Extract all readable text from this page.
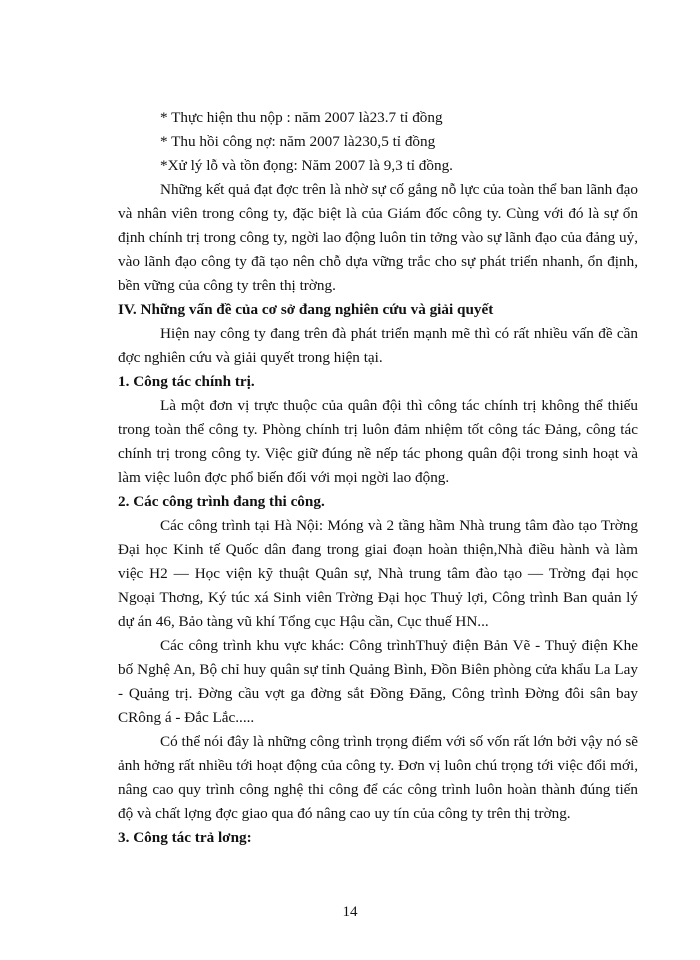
* Thực hiện thu nộp : năm 2007 là23.7 tỉ đồng

* Thu hồi công nợ: năm 2007 là230,5 tỉ đồng

*Xử lý lỗ và tồn đọng: Năm 2007 là 9,3 tỉ đồng.

Những kết quả đạt đợc trên là nhờ sự cố gắng nỗ lực của toàn thể ban lãnh đạo và nhân viên trong công ty, đặc biệt là của Giám đốc công ty. Cùng với đó là sự ổn định chính trị trong công ty, ngời lao động luôn tin tởng vào sự lãnh đạo của đảng uỷ, vào lãnh đạo công ty đã tạo nên chỗ dựa vững trắc cho sự phát triển nhanh, ổn định, bền vững của công ty trên thị trờng.

IV. Những vấn đề của cơ sở đang nghiên cứu và giải quyết

Hiện nay công ty đang trên đà phát triển mạnh mẽ thì có rất nhiều vấn đề cần đợc nghiên cứu và giải quyết trong hiện tại.

1. Công tác chính trị.

Là một đơn vị trực thuộc của quân đội thì công tác chính trị không thể thiếu trong toàn thể công ty. Phòng chính trị luôn đảm nhiệm tốt công tác Đảng, công tác chính trị trong công ty. Việc giữ đúng nề nếp tác phong quân đội trong sinh hoạt và làm việc luôn đợc phổ biến đối với mọi ngời lao động.

2. Các công trình đang thi công.

Các công trình tại Hà Nội: Móng và 2 tầng hầm Nhà trung tâm đào tạo Trờng Đại học Kinh tế Quốc dân đang trong giai đoạn hoàn thiện,Nhà điều hành và làm việc H2 — Học viện kỹ thuật Quân sự, Nhà trung tâm đào tạo — Trờng đại học Ngoại Thơng, Ký túc xá Sinh viên Trờng Đại học Thuỷ lợi, Công trình Ban quản lý dự án 46, Bảo tàng vũ khí Tổng cục Hậu cần, Cục thuế HN...

Các công trình khu vực khác: Công trìnhThuỷ điện Bản Vẽ - Thuỷ điện Khe bố Nghệ An, Bộ chỉ huy quân sự tỉnh Quảng Bình, Đồn Biên phòng cửa khẩu La Lay - Quảng trị. Đờng cầu vợt ga đờng sắt Đồng Đăng, Công trình Đờng đôi sân bay CRông á - Đắc Lắc.....

Có thể nói đây là những công trình trọng điểm với số vốn rất lớn bởi vậy nó sẽ ảnh hởng rất nhiều tới hoạt động của công ty. Đơn vị luôn chú trọng tới việc đổi mới, nâng cao quy trình công nghệ thi công để các công trình luôn hoàn thành đúng tiến độ và chất lợng đợc giao qua đó nâng cao uy tín của công ty trên thị trờng.

3. Công tác trả lơng:

14
